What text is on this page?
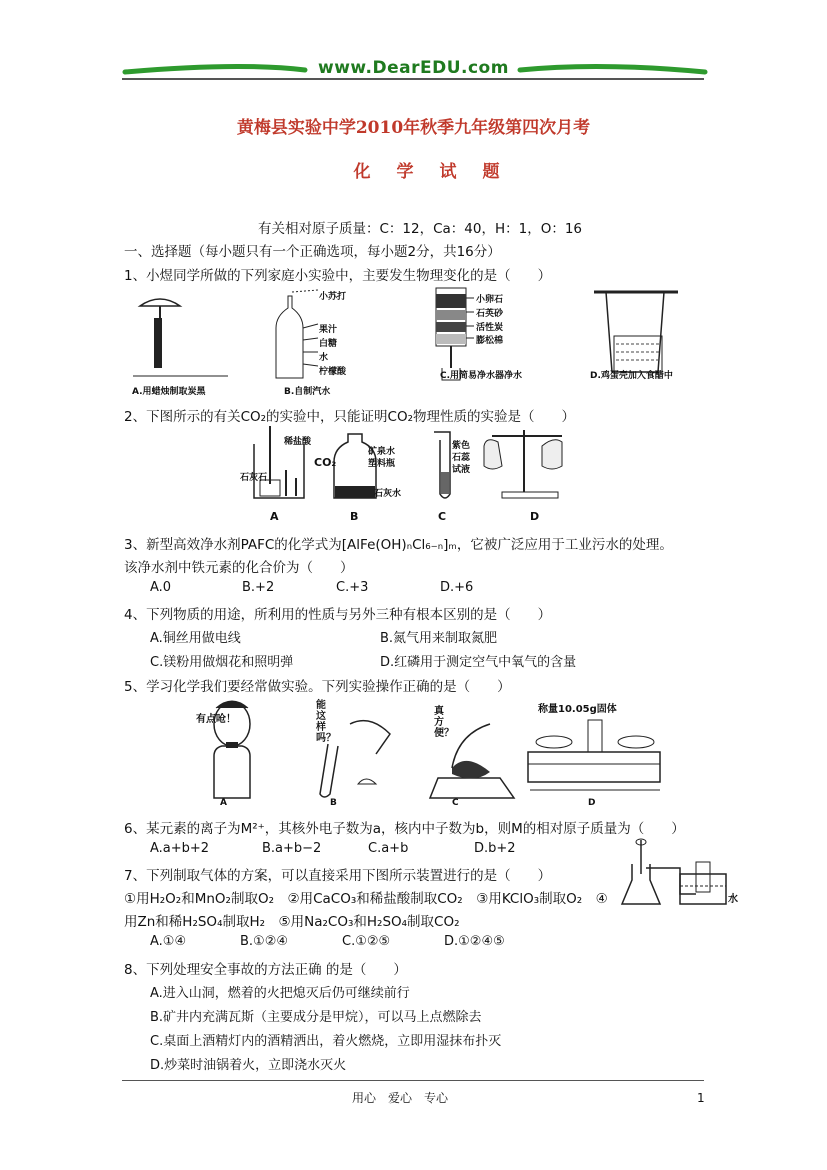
www.DearEDU.com
黄梅县实验中学2010年秋季九年级第四次月考
化学试题
有关相对原子质量：C：12，Ca：40，H：1，O：16
一、选择题（每小题只有一个正确选项，每小题2分，共16分）
1、小煜同学所做的下列家庭小实验中，主要发生物理变化的是（　　）
小苏打
果汁
白糖
水
柠檬酸
小卵石
石英砂
活性炭
膨松棉
A.用蜡烛制取炭黑	B.自制汽水
C.用简易净水器净水	D.鸡蛋壳加入食醋中
2、下图所示的有关CO₂的实验中，只能证明CO₂物理性质的实验是（　　）
稀盐酸
石灰石
矿泉水
塑料瓶
石灰水
紫色
石蕊
试液
CO₂
A	B	C	D
3、新型高效净水剂PAFC的化学式为[AlFe(OH)ₙCl₆₋ₙ]ₘ，它被广泛应用于工业污水的处理。
该净水剂中铁元素的化合价为（　　）
A.0	B.+2	C.+3	D.+6
4、下列物质的用途，所利用的性质与另外三种有根本区别的是（　　）
A.铜丝用做电线	B.氮气用来制取氮肥
C.镁粉用做烟花和照明弹	D.红磷用于测定空气中氧气的含量
5、学习化学我们要经常做实验。下列实验操作正确的是（　　）
有点呛！
能这样吗？
真方便？
称量10.05g固体
A	B	C	D
6、某元素的离子为M²⁺，其核外电子数为a，核内中子数为b，则M的相对原子质量为（　　）
A.a+b+2	B.a+b−2	C.a+b	D.b+2
7、下列制取气体的方案，可以直接采用下图所示装置进行的是（　　）
①用H₂O₂和MnO₂制取O₂　②用CaCO₃和稀盐酸制取CO₂　③用KClO₃制取O₂　④
用Zn和稀H₂SO₄制取H₂　⑤用Na₂CO₃和H₂SO₄制取CO₂
A.①④	B.①②④	C.①②⑤	D.①②④⑤
水
8、下列处理安全事故的方法正确 的是（　　）
A.进入山洞，燃着的火把熄灭后仍可继续前行
B.矿井内充满瓦斯（主要成分是甲烷），可以马上点燃除去
C.桌面上酒精灯内的酒精洒出，着火燃烧，立即用湿抹布扑灭
D.炒菜时油锅着火，立即浇水灭火
用心　爱心　专心	1
